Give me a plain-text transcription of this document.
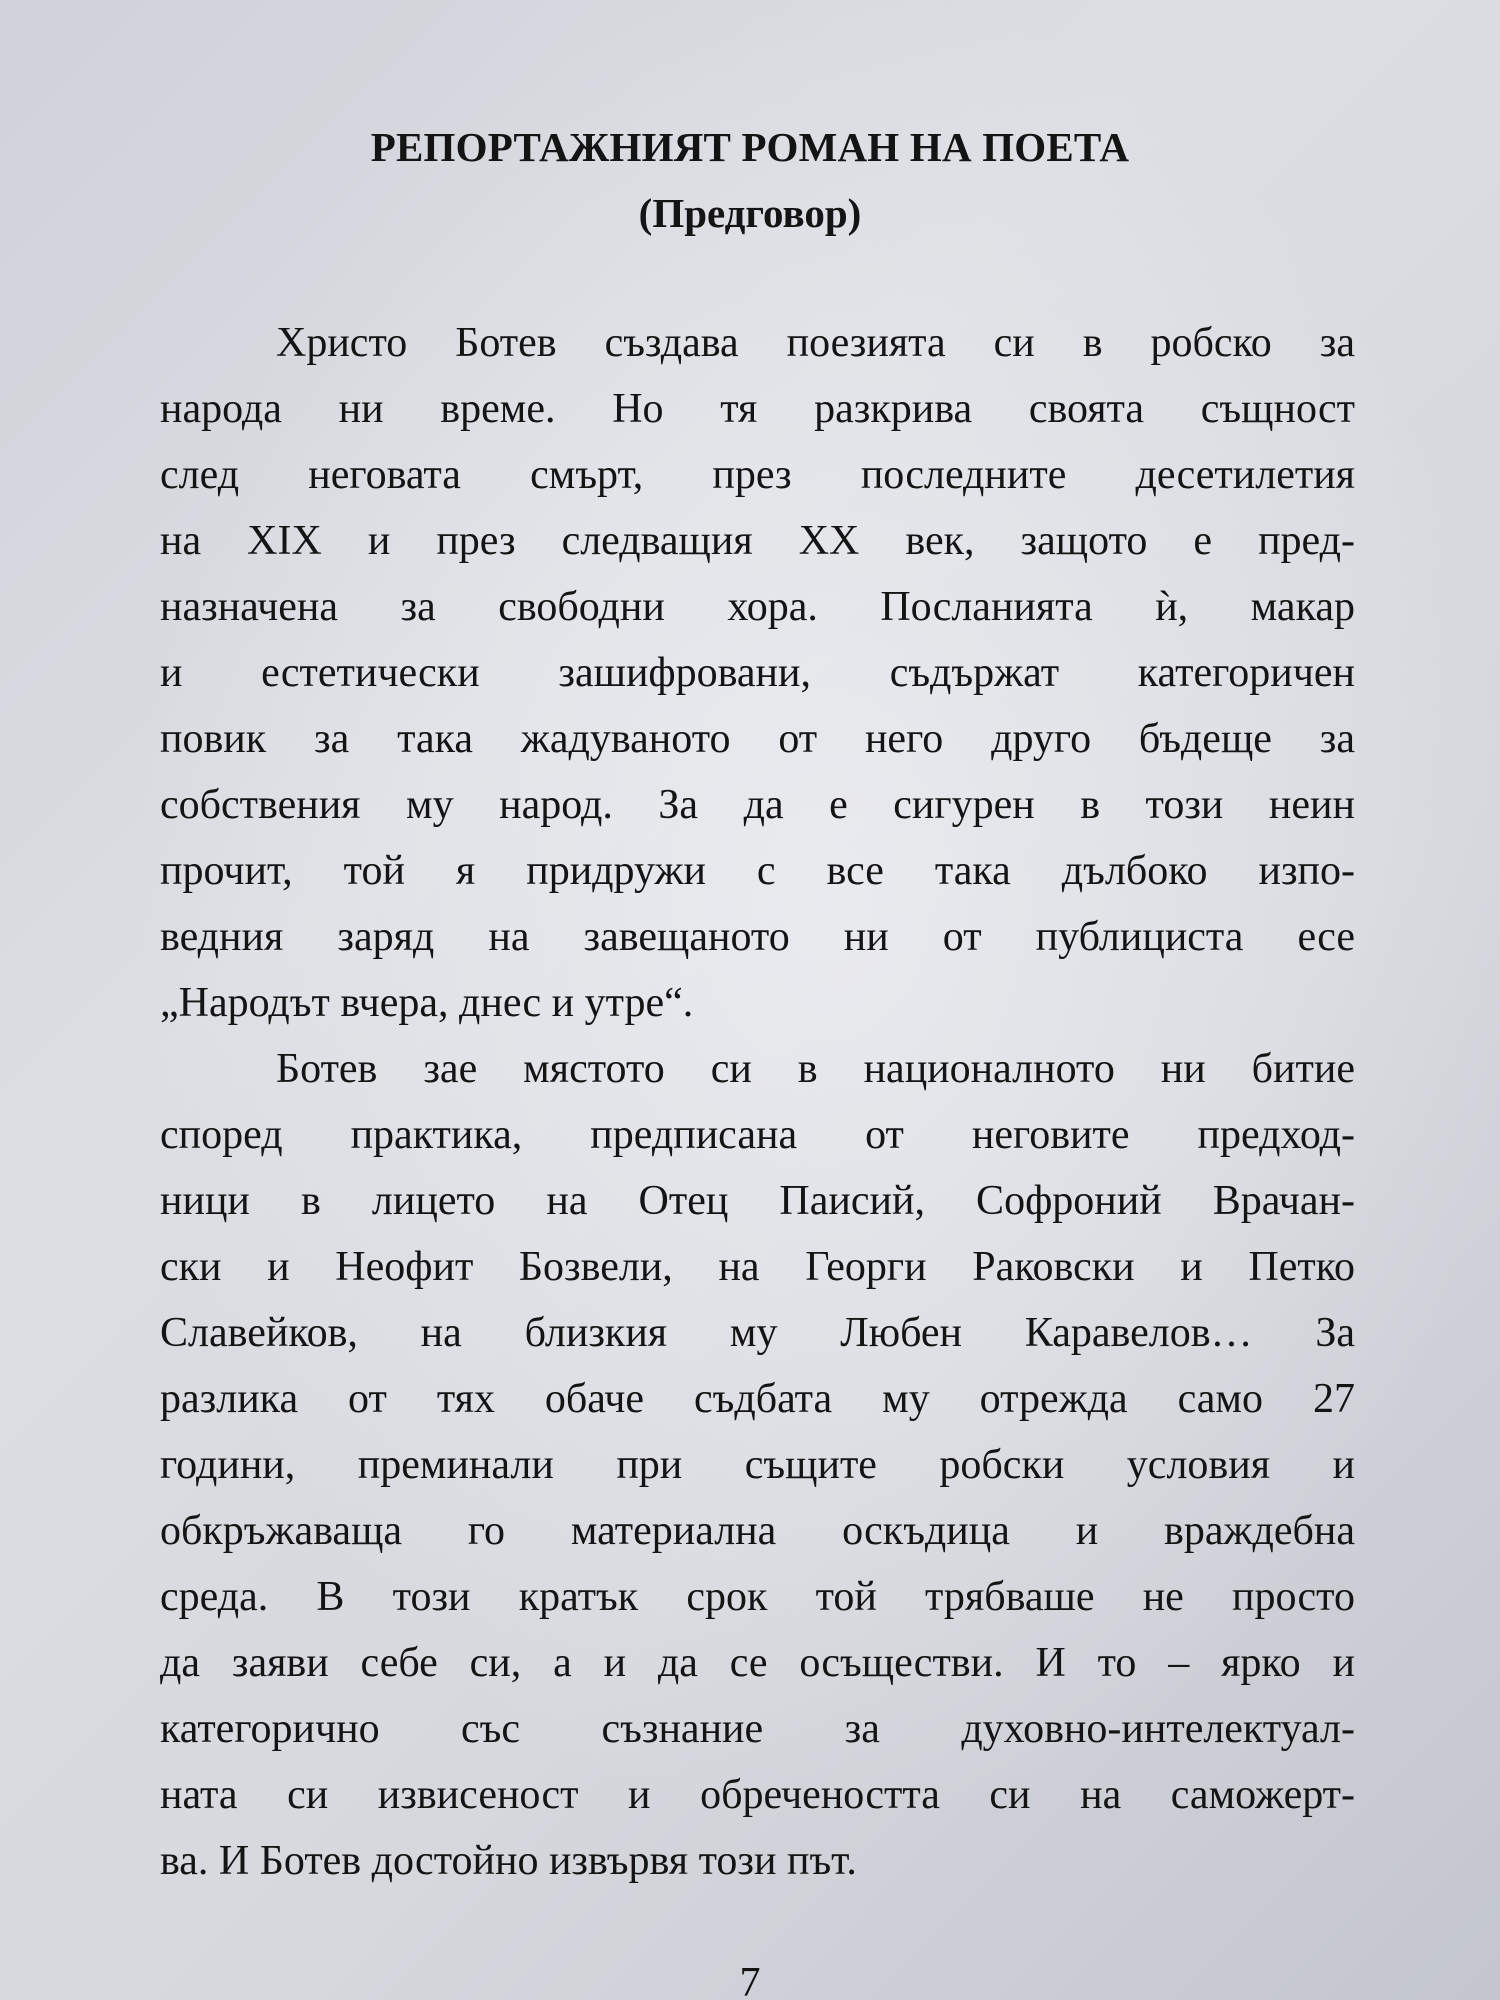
РЕПОРТАЖНИЯТ РОМАН НА ПОЕТА
(Предговор)
Христо Ботев създава поезията си в робско за
народа ни време. Но тя разкрива своята същност
след неговата смърт, през последните десетилетия
на XIX и през следващия XX век, защото е пред-
назначена за свободни хора. Посланията ѝ, макар
и естетически зашифровани, съдържат категоричен
повик за така жадуваното от него друго бъдеще за
собствения му народ. За да е сигурен в този неин
прочит, той я придружи с все така дълбоко изпо-
ведния заряд на завещаното ни от публициста есе
„Народът вчера, днес и утре“.
Ботев зае мястото си в националното ни битие
според практика, предписана от неговите предход-
ници в лицето на Отец Паисий, Софроний Врачан-
ски и Неофит Бозвели, на Георги Раковски и Петко
Славейков, на близкия му Любен Каравелов… За
разлика от тях обаче съдбата му отрежда само 27
години, преминали при същите робски условия и
обкръжаваща го материална оскъдица и враждебна
среда. В този кратък срок той трябваше не просто
да заяви себе си, а и да се осъществи. И то – ярко и
категорично със съзнание за духовно-интелектуал-
ната си извисеност и обречеността си на саможерт-
ва. И Ботев достойно извървя този път.
7
